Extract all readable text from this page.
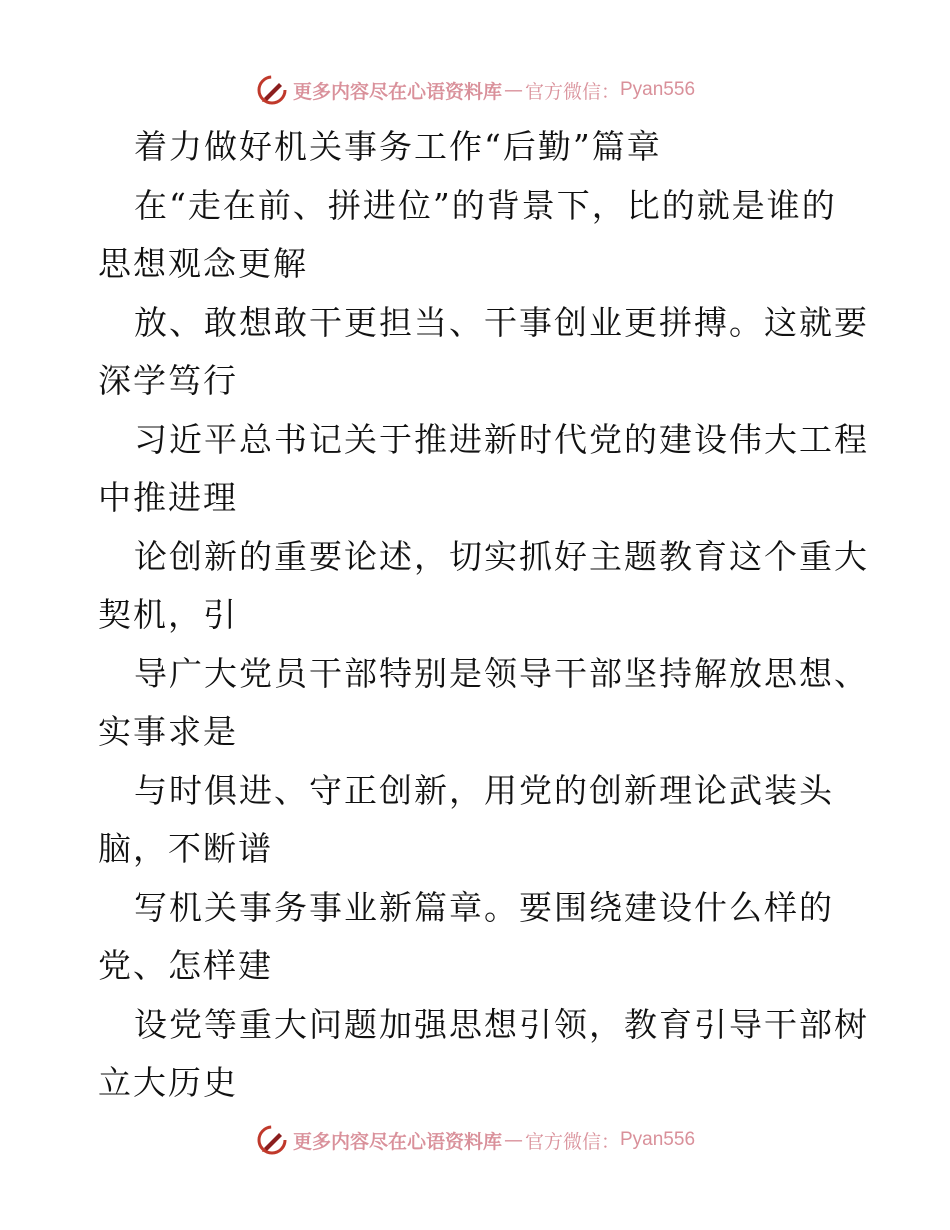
更多内容尽在心语资料库 — 官方微信： Pyan556
着力做好机关事务工作“后勤”篇章
在“走在前、拼进位”的背景下，比的就是谁的
思想观念更解
放、敢想敢干更担当、干事创业更拼搏。这就要
深学笃行
习近平总书记关于推进新时代党的建设伟大工程
中推进理
论创新的重要论述，切实抓好主题教育这个重大
契机，引
导广大党员干部特别是领导干部坚持解放思想、
实事求是
与时俱进、守正创新，用党的创新理论武装头
脑，不断谱
写机关事务事业新篇章。要围绕建设什么样的
党、怎样建
设党等重大问题加强思想引领，教育引导干部树
立大历史
更多内容尽在心语资料库 — 官方微信： Pyan556
